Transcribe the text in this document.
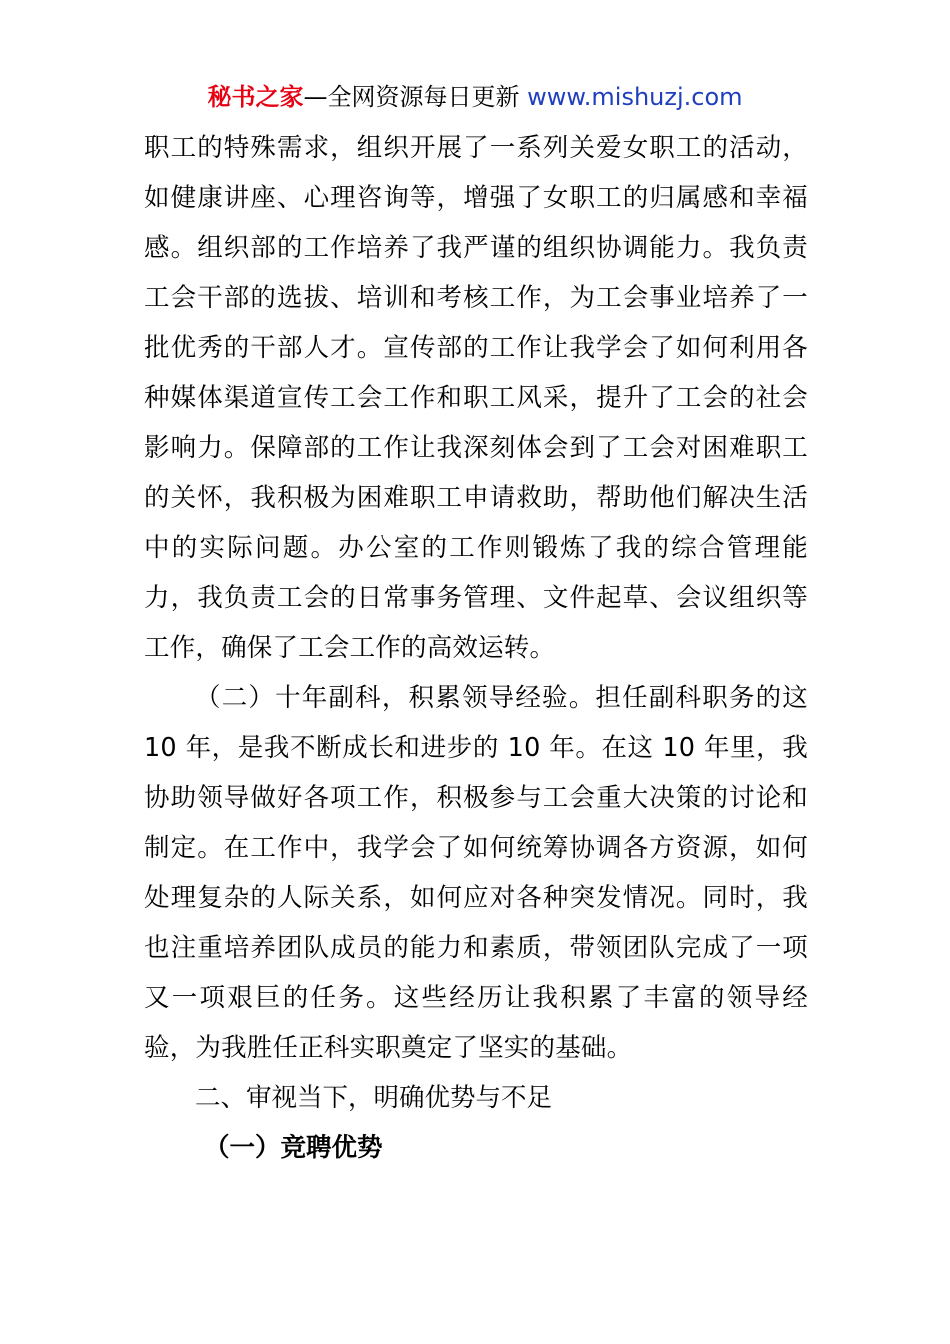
秘书之家—全网资源每日更新 www.mishuzj.com

职工的特殊需求，组织开展了一系列关爱女职工的活动，如健康讲座、心理咨询等，增强了女职工的归属感和幸福感。组织部的工作培养了我严谨的组织协调能力。我负责工会干部的选拔、培训和考核工作，为工会事业培养了一批优秀的干部人才。宣传部的工作让我学会了如何利用各种媒体渠道宣传工会工作和职工风采，提升了工会的社会影响力。保障部的工作让我深刻体会到了工会对困难职工的关怀，我积极为困难职工申请救助，帮助他们解决生活中的实际问题。办公室的工作则锻炼了我的综合管理能力，我负责工会的日常事务管理、文件起草、会议组织等工作，确保了工会工作的高效运转。

（二）十年副科，积累领导经验。担任副科职务的这 10 年，是我不断成长和进步的 10 年。在这 10 年里，我协助领导做好各项工作，积极参与工会重大决策的讨论和制定。在工作中，我学会了如何统筹协调各方资源，如何处理复杂的人际关系，如何应对各种突发情况。同时，我也注重培养团队成员的能力和素质，带领团队完成了一项又一项艰巨的任务。这些经历让我积累了丰富的领导经验，为我胜任正科实职奠定了坚实的基础。

二、审视当下，明确优势与不足

（一）竞聘优势
